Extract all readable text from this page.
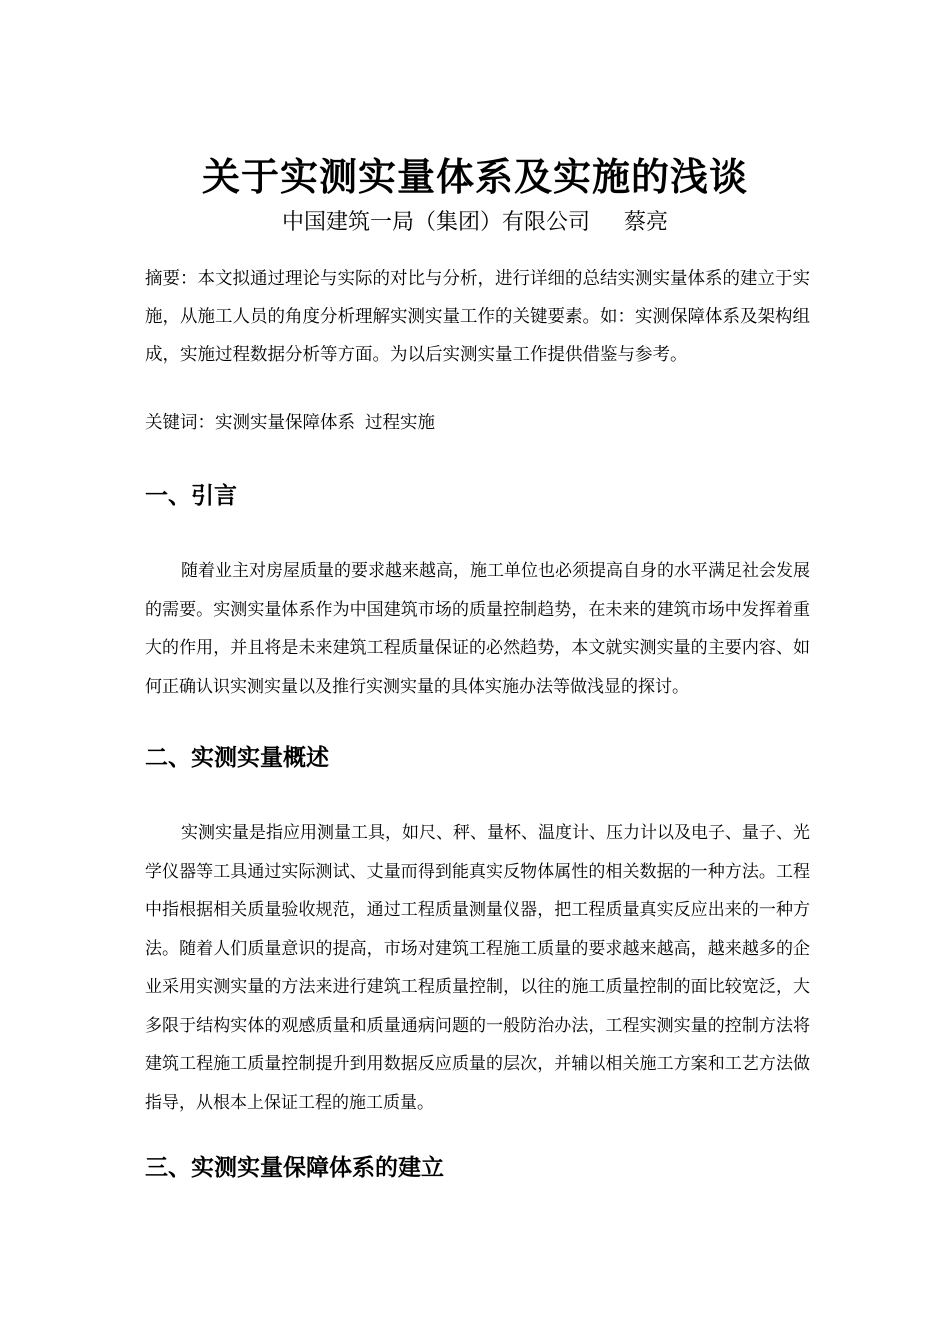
关于实测实量体系及实施的浅谈
中国建筑一局（集团）有限公司 蔡亮

摘要：本文拟通过理论与实际的对比与分析，进行详细的总结实测实量体系的建立于实施，从施工人员的角度分析理解实测实量工作的关键要素。如：实测保障体系及架构组成，实施过程数据分析等方面。为以后实测实量工作提供借鉴与参考。

关键词：实测实量保障体系 过程实施

一、引言

随着业主对房屋质量的要求越来越高，施工单位也必须提高自身的水平满足社会发展的需要。实测实量体系作为中国建筑市场的质量控制趋势，在未来的建筑市场中发挥着重大的作用，并且将是未来建筑工程质量保证的必然趋势，本文就实测实量的主要内容、如何正确认识实测实量以及推行实测实量的具体实施办法等做浅显的探讨。

二、实测实量概述

实测实量是指应用测量工具，如尺、秤、量杯、温度计、压力计以及电子、量子、光学仪器等工具通过实际测试、丈量而得到能真实反物体属性的相关数据的一种方法。工程中指根据相关质量验收规范，通过工程质量测量仪器，把工程质量真实反应出来的一种方法。随着人们质量意识的提高，市场对建筑工程施工质量的要求越来越高，越来越多的企业采用实测实量的方法来进行建筑工程质量控制，以往的施工质量控制的面比较宽泛，大多限于结构实体的观感质量和质量通病问题的一般防治办法，工程实测实量的控制方法将建筑工程施工质量控制提升到用数据反应质量的层次，并辅以相关施工方案和工艺方法做指导，从根本上保证工程的施工质量。

三、实测实量保障体系的建立
